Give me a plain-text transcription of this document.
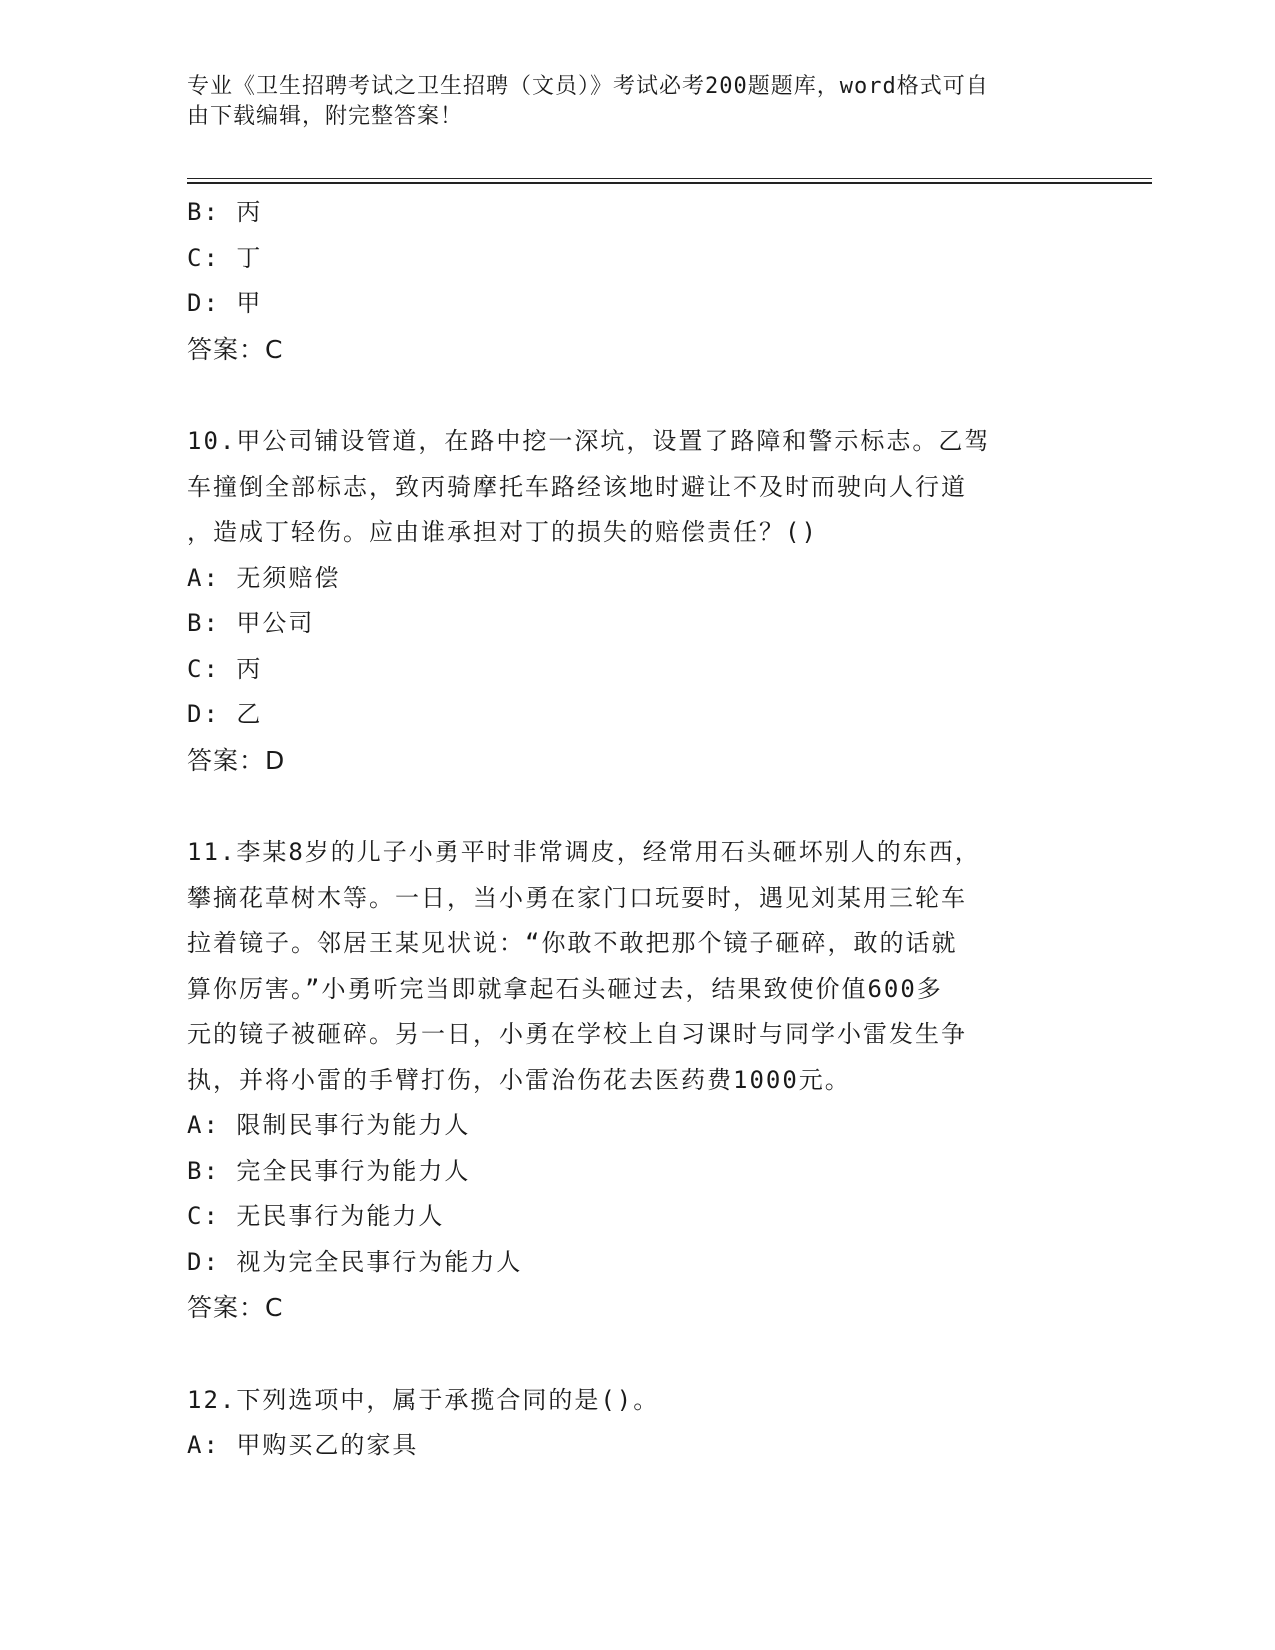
专业《卫生招聘考试之卫生招聘（文员）》考试必考200题题库，word格式可自
由下载编辑，附完整答案！
B: 丙
C: 丁
D: 甲
答案：C
10.甲公司铺设管道，在路中挖一深坑，设置了路障和警示标志。乙驾
车撞倒全部标志，致丙骑摩托车路经该地时避让不及时而驶向人行道
，造成丁轻伤。应由谁承担对丁的损失的赔偿责任？()
A: 无须赔偿
B: 甲公司
C: 丙
D: 乙
答案：D
11.李某8岁的儿子小勇平时非常调皮，经常用石头砸坏别人的东西，
攀摘花草树木等。一日，当小勇在家门口玩耍时，遇见刘某用三轮车
拉着镜子。邻居王某见状说：“你敢不敢把那个镜子砸碎，敢的话就
算你厉害。”小勇听完当即就拿起石头砸过去，结果致使价值600多
元的镜子被砸碎。另一日，小勇在学校上自习课时与同学小雷发生争
执，并将小雷的手臂打伤，小雷治伤花去医药费1000元。
A: 限制民事行为能力人
B: 完全民事行为能力人
C: 无民事行为能力人
D: 视为完全民事行为能力人
答案：C
12.下列选项中，属于承揽合同的是()。
A: 甲购买乙的家具
